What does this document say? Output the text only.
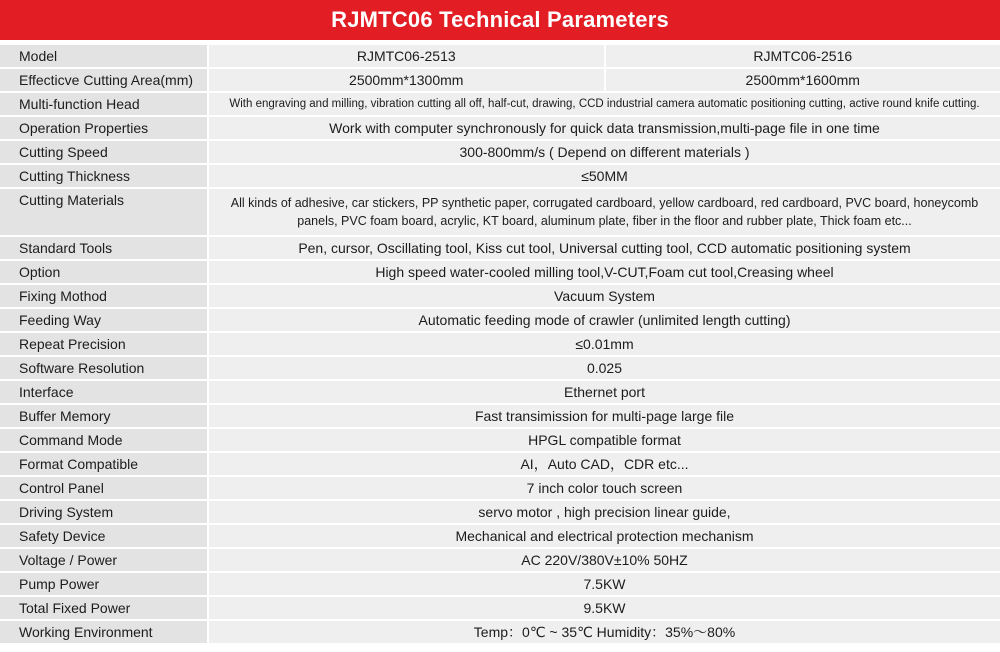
RJMTC06 Technical Parameters
Model	RJMTC06-2513 RJMTC06-2516

Effecticve Cutting Area(mm)	2500mm*1300mm 2500mm*1600mm

Multi-function Head	With engraving and milling, vibration cutting all off, half-cut, drawing, CCD industrial camera automatic positioning cutting, active round knife cutting.
Operation Properties	Work with computer synchronously for quick data transmission,multi-page file in one time
Cutting Speed	300-800mm/s ( Depend on different materials )
Cutting Thickness	≤50MM
Cutting Materials	All kinds of adhesive, car stickers, PP synthetic paper, corrugated cardboard, yellow cardboard, red cardboard, PVC board, honeycomb panels, PVC foam board, acrylic, KT board, aluminum plate, fiber in the floor and rubber plate, Thick foam etc...
Standard Tools	Pen, cursor, Oscillating tool, Kiss cut tool, Universal cutting tool, CCD automatic positioning system
Option	High speed water-cooled milling tool,V-CUT,Foam cut tool,Creasing wheel
Fixing Mothod	Vacuum System
Feeding Way	Automatic feeding mode of crawler (unlimited length cutting)
Repeat Precision	≤0.01mm
Software Resolution	0.025
Interface	Ethernet port
Buffer Memory	Fast transimission for multi-page large file
Command Mode	HPGL compatible format
Format Compatible	AI，Auto CAD，CDR etc...
Control Panel	7 inch color touch screen
Driving System	servo motor , high precision linear guide,
Safety Device	Mechanical and electrical protection mechanism
Voltage / Power	AC 220V/380V±10% 50HZ
Pump Power	7.5KW
Total Fixed Power	9.5KW
Working Environment	Temp：0℃ ~ 35℃ Humidity：35%～80%
